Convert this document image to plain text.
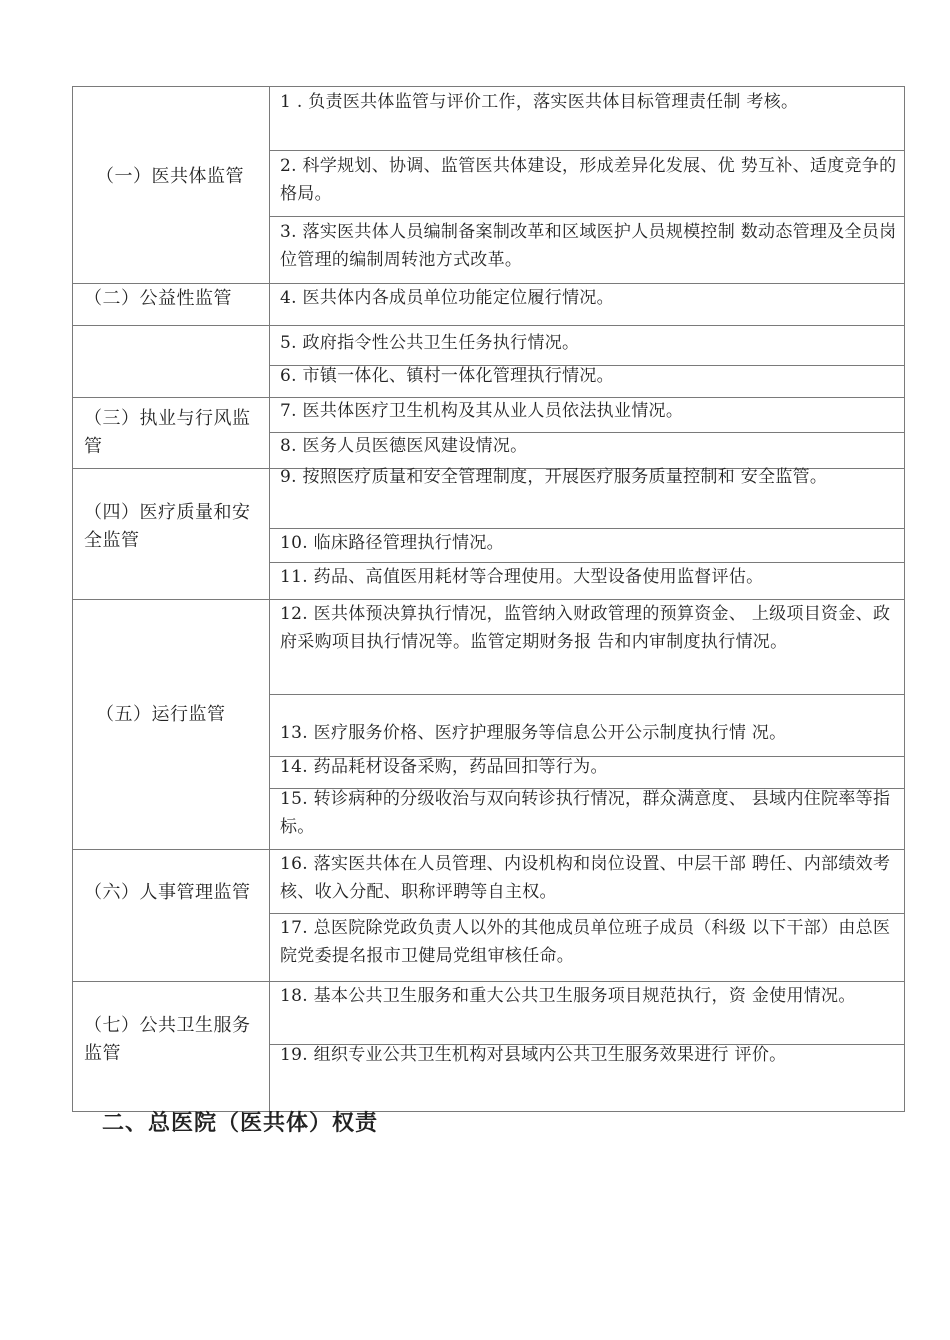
（一）医共体监管
（二）公益性监管
（三）执业与行风监管
（四）医疗质量和安全监管
（五）运行监管
（六）人事管理监管
（七）公共卫生服务监管
1 . 负责医共体监管与评价工作，落实医共体目标管理责任制 考核。
2. 科学规划、协调、监管医共体建设，形成差异化发展、优 势互补、适度竞争的格局。
3. 落实医共体人员编制备案制改革和区域医护人员规模控制 数动态管理及全员岗位管理的编制周转池方式改革。
4. 医共体内各成员单位功能定位履行情况。
5. 政府指令性公共卫生任务执行情况。
6. 市镇一体化、镇村一体化管理执行情况。
7. 医共体医疗卫生机构及其从业人员依法执业情况。
8. 医务人员医德医风建设情况。
9. 按照医疗质量和安全管理制度，开展医疗服务质量控制和 安全监管。
10. 临床路径管理执行情况。
11. 药品、高值医用耗材等合理使用。大型设备使用监督评估。
12. 医共体预决算执行情况，监管纳入财政管理的预算资金、 上级项目资金、政府采购项目执行情况等。监管定期财务报 告和内审制度执行情况。
13. 医疗服务价格、医疗护理服务等信息公开公示制度执行情 况。
14. 药品耗材设备采购，药品回扣等行为。
15. 转诊病种的分级收治与双向转诊执行情况，群众满意度、 县域内住院率等指标。
16. 落实医共体在人员管理、内设机构和岗位设置、中层干部 聘任、内部绩效考核、收入分配、职称评聘等自主权。
17. 总医院除党政负责人以外的其他成员单位班子成员（科级 以下干部）由总医院党委提名报市卫健局党组审核任命。
18. 基本公共卫生服务和重大公共卫生服务项目规范执行，资 金使用情况。
19. 组织专业公共卫生机构对县域内公共卫生服务效果进行 评价。
二、总医院（医共体）权责
